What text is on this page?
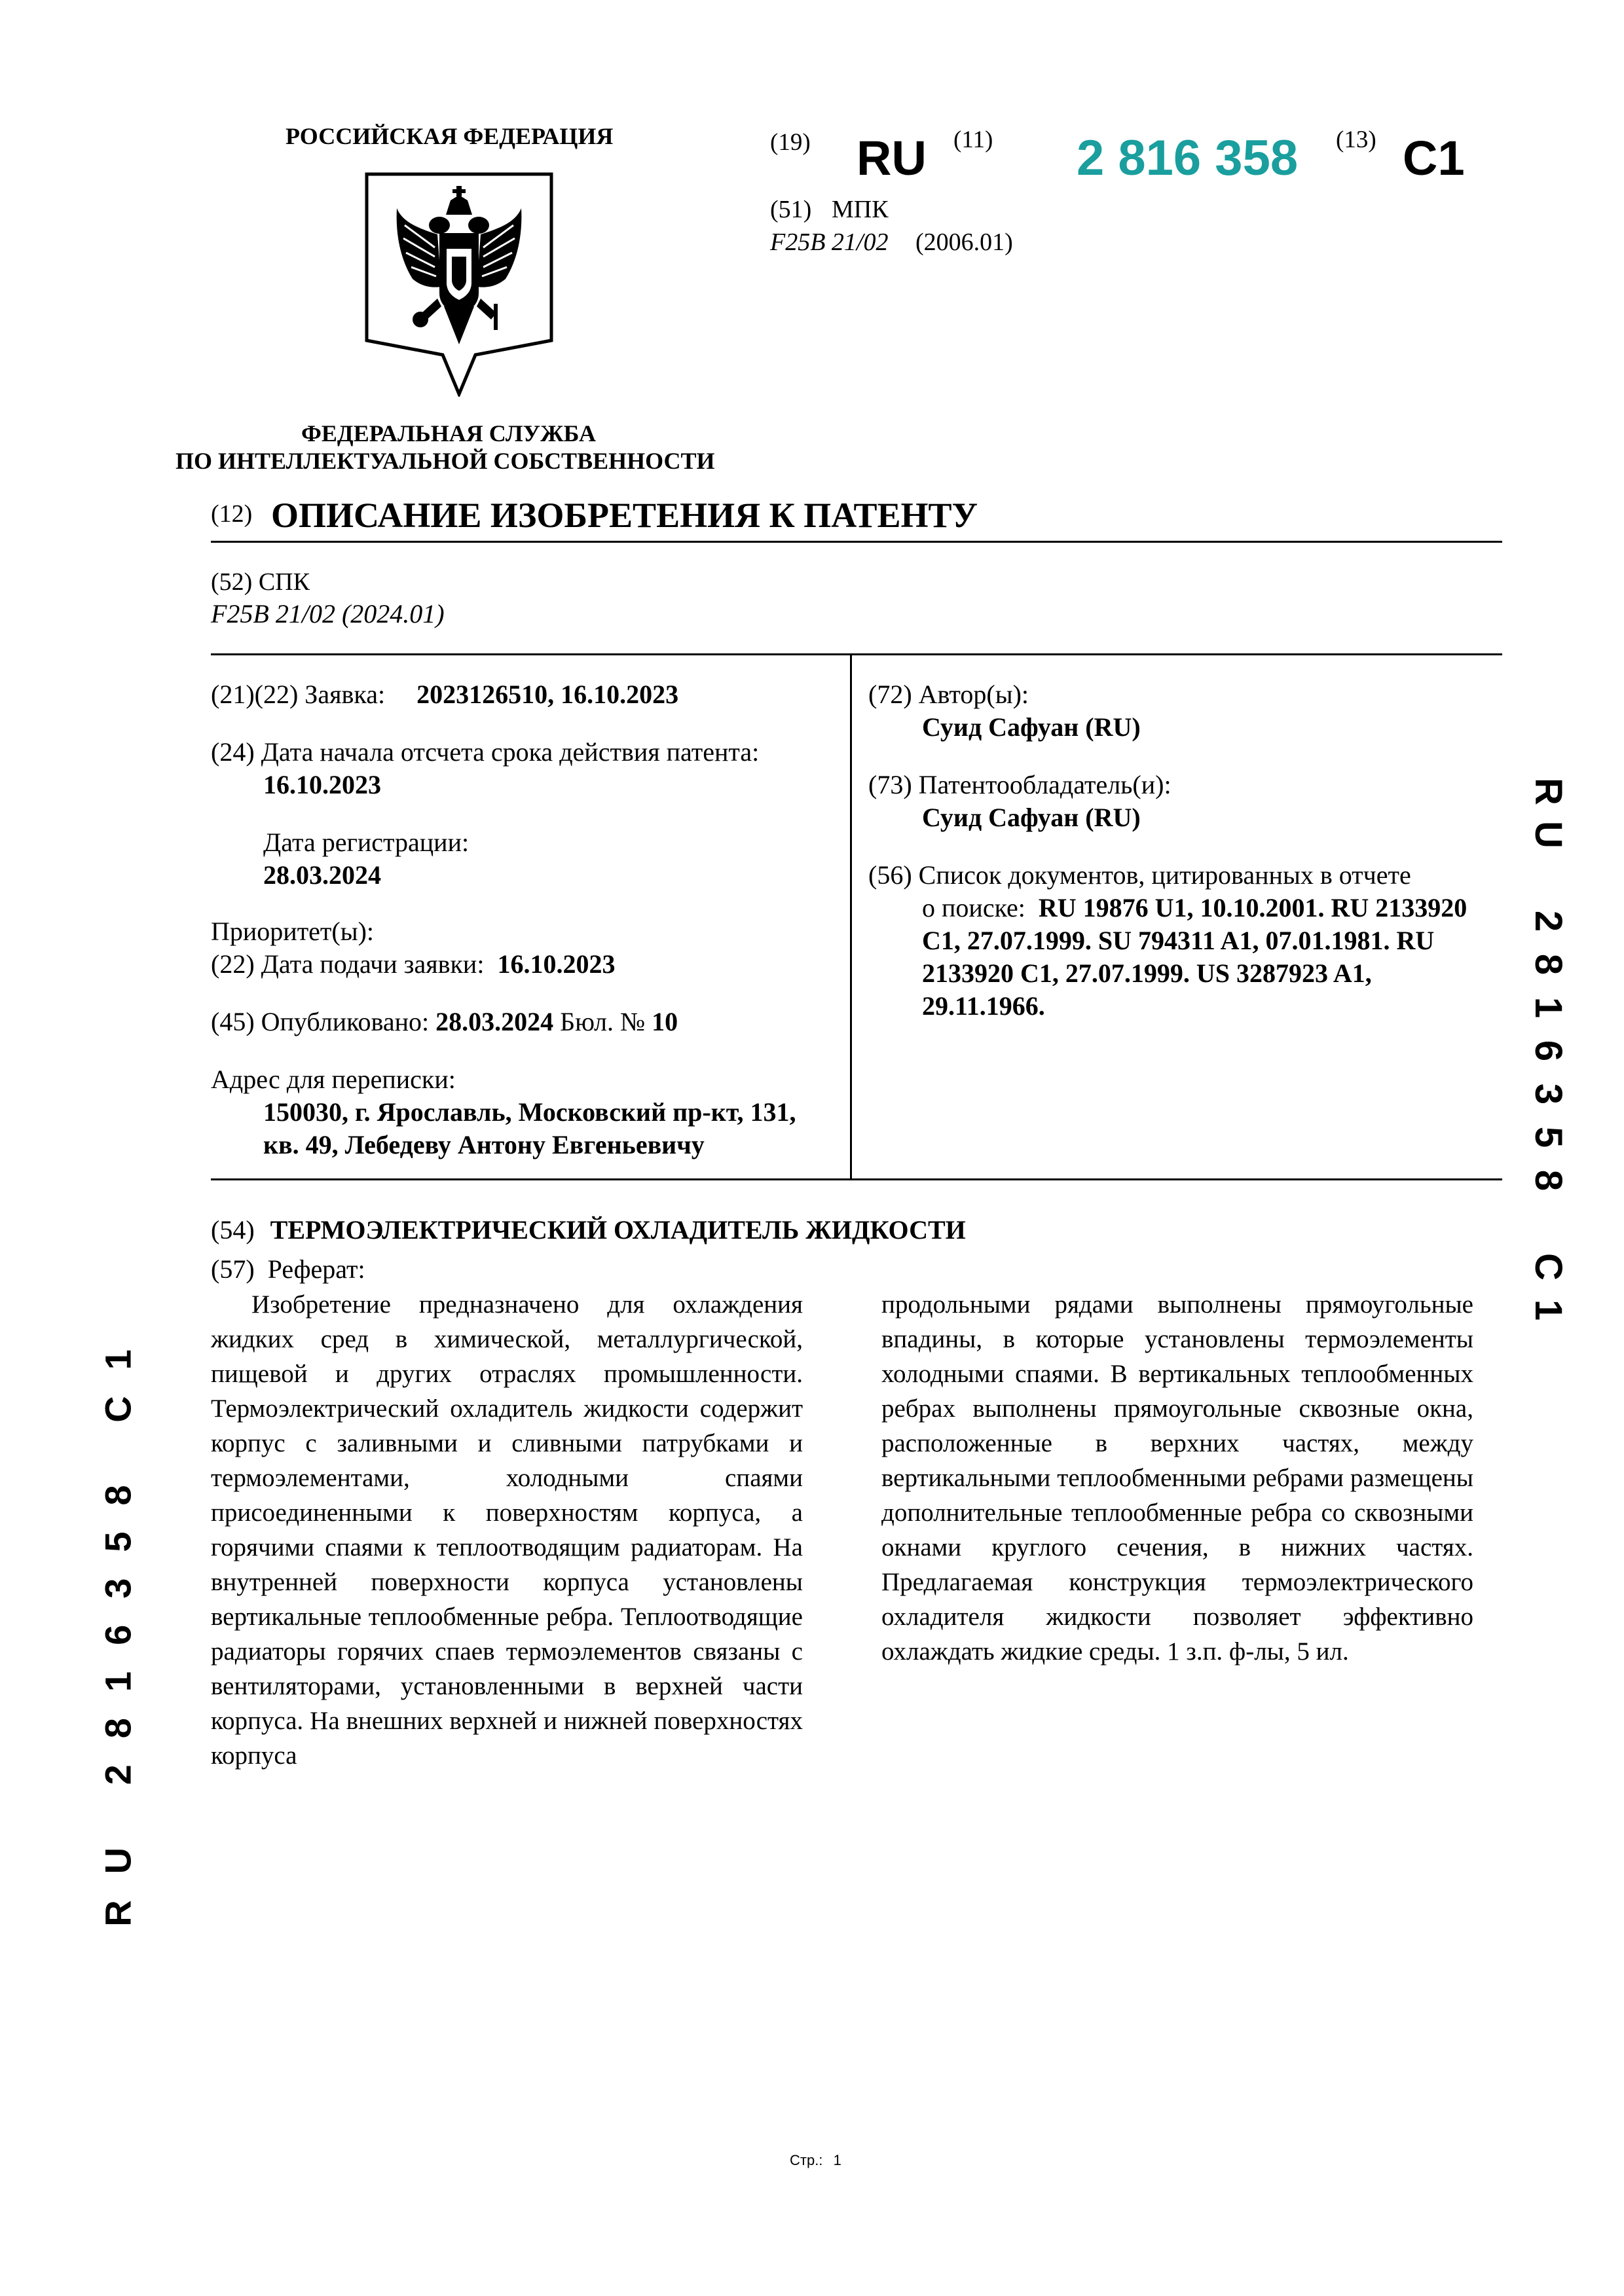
РОССИЙСКАЯ ФЕДЕРАЦИЯ
ФЕДЕРАЛЬНАЯ СЛУЖБА
ПО ИНТЕЛЛЕКТУАЛЬНОЙ СОБСТВЕННОСТИ
(19) RU (11) 2 816 358 (13) C1
(51) МПК
F25B 21/02 (2006.01)
(12) ОПИСАНИЕ ИЗОБРЕТЕНИЯ К ПАТЕНТУ
(52) СПК
F25B 21/02 (2024.01)
(21)(22) Заявка: 2023126510, 16.10.2023
(24) Дата начала отсчета срока действия патента:
16.10.2023
Дата регистрации:
28.03.2024
Приоритет(ы):
(22) Дата подачи заявки: 16.10.2023
(45) Опубликовано: 28.03.2024 Бюл. № 10
Адрес для переписки:
150030, г. Ярославль, Московский пр-кт, 131,
кв. 49, Лебедеву Антону Евгеньевичу
(72) Автор(ы):
Суид Сафуан (RU)
(73) Патентообладатель(и):
Суид Сафуан (RU)
(56) Список документов, цитированных в отчете
о поиске: RU 19876 U1, 10.10.2001. RU 2133920
C1, 27.07.1999. SU 794311 A1, 07.01.1981. RU
2133920 C1, 27.07.1999. US 3287923 A1,
29.11.1966.
(54) ТЕРМОЭЛЕКТРИЧЕСКИЙ ОХЛАДИТЕЛЬ ЖИДКОСТИ
(57) Реферат:
Изобретение предназначено для охлаждения жидких сред в химической, металлургической, пищевой и других отраслях промышленности. Термоэлектрический охладитель жидкости содержит корпус с заливными и сливными патрубками и термоэлементами, холодными спаями присоединенными к поверхностям корпуса, а горячими спаями к теплоотводящим радиаторам. На внутренней поверхности корпуса установлены вертикальные теплообменные ребра. Теплоотводящие радиаторы горячих спаев термоэлементов связаны с вентиляторами, установленными в верхней части корпуса. На внешних верхней и нижней поверхностях корпуса
продольными рядами выполнены прямоугольные впадины, в которые установлены термоэлементы холодными спаями. В вертикальных теплообменных ребрах выполнены прямоугольные сквозные окна, расположенные в верхних частях, между вертикальными теплообменными ребрами размещены дополнительные теплообменные ребра со сквозными окнами круглого сечения, в нижних частях. Предлагаемая конструкция термоэлектрического охладителя жидкости позволяет эффективно охлаждать жидкие среды. 1 з.п. ф-лы, 5 ил.
R
U
2
8
1
6
3
5
8
C
1
RU 2816358 C1
Стр.: 1
